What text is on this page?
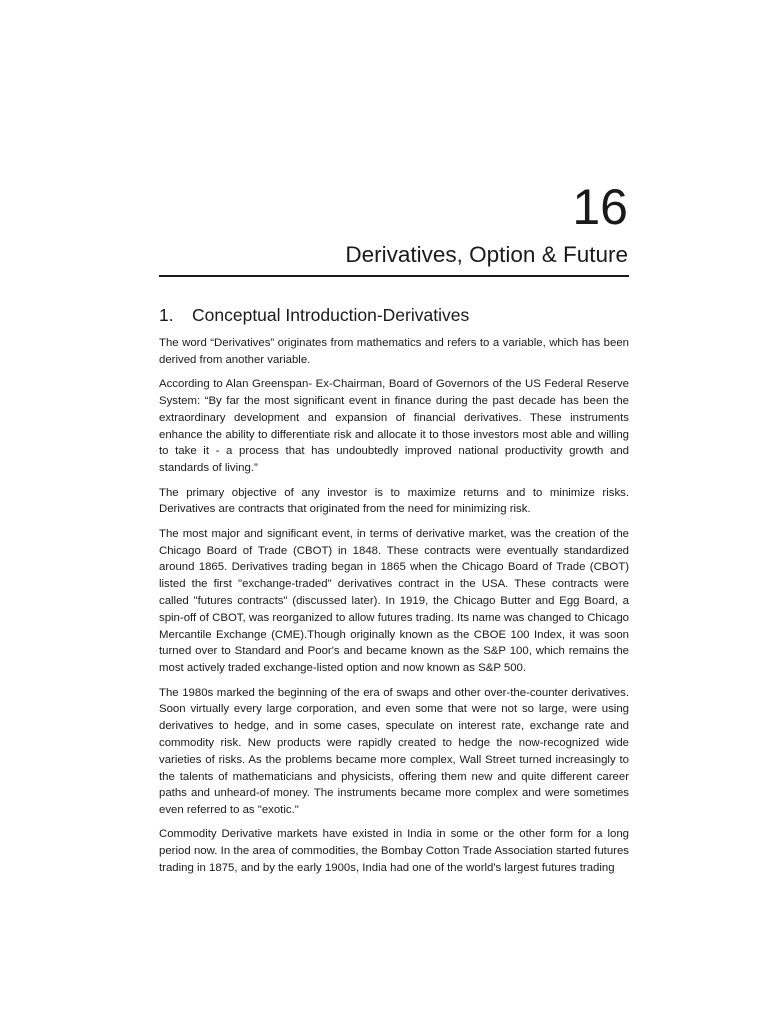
16
Derivatives, Option & Future
1. Conceptual Introduction-Derivatives

The word “Derivatives” originates from mathematics and refers to a variable, which has been derived from another variable.

According to Alan Greenspan- Ex-Chairman, Board of Governors of the US Federal Reserve System: “By far the most significant event in finance during the past decade has been the extraordinary development and expansion of financial derivatives. These instruments enhance the ability to differentiate risk and allocate it to those investors most able and willing to take it - a process that has undoubtedly improved national productivity growth and standards of living.”

The primary objective of any investor is to maximize returns and to minimize risks. Derivatives are contracts that originated from the need for minimizing risk.

The most major and significant event, in terms of derivative market, was the creation of the Chicago Board of Trade (CBOT) in 1848. These contracts were eventually standardized around 1865. Derivatives trading began in 1865 when the Chicago Board of Trade (CBOT) listed the first "exchange-traded" derivatives contract in the USA. These contracts were called "futures contracts" (discussed later). In 1919, the Chicago Butter and Egg Board, a spin-off of CBOT, was reorganized to allow futures trading. Its name was changed to Chicago Mercantile Exchange (CME).Though originally known as the CBOE 100 Index, it was soon turned over to Standard and Poor's and became known as the S&P 100, which remains the most actively traded exchange-listed option and now known as S&P 500.

The 1980s marked the beginning of the era of swaps and other over-the-counter derivatives. Soon virtually every large corporation, and even some that were not so large, were using derivatives to hedge, and in some cases, speculate on interest rate, exchange rate and commodity risk. New products were rapidly created to hedge the now-recognized wide varieties of risks. As the problems became more complex, Wall Street turned increasingly to the talents of mathematicians and physicists, offering them new and quite different career paths and unheard-of money. The instruments became more complex and were sometimes even referred to as "exotic."

Commodity Derivative markets have existed in India in some or the other form for a long period now. In the area of commodities, the Bombay Cotton Trade Association started futures trading in 1875, and by the early 1900s, India had one of the world's largest futures trading
